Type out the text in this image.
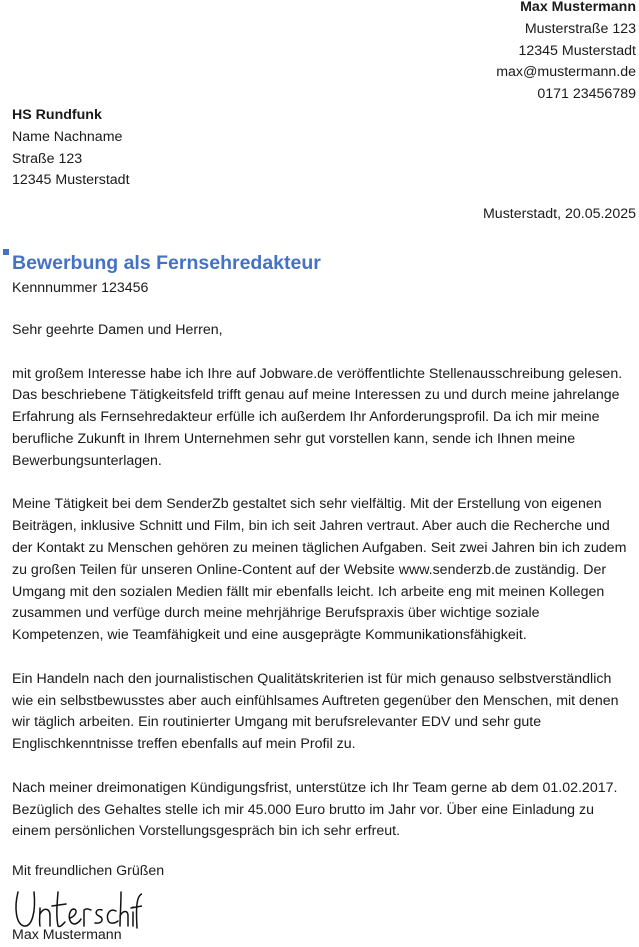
Max Mustermann
Musterstraße 123
12345 Musterstadt
max@mustermann.de
0171 23456789
HS Rundfunk
Name Nachname
Straße 123
12345 Musterstadt
Musterstadt, 20.05.2025
Bewerbung als Fernsehredakteur
Kennnummer 123456

Sehr geehrte Damen und Herren,

mit großem Interesse habe ich Ihre auf Jobware.de veröffentlichte Stellenausschreibung gelesen. Das beschriebene Tätigkeitsfeld trifft genau auf meine Interessen zu und durch meine jahrelange Erfahrung als Fernsehredakteur erfülle ich außerdem Ihr Anforderungsprofil. Da ich mir meine berufliche Zukunft in Ihrem Unternehmen sehr gut vorstellen kann, sende ich Ihnen meine Bewerbungsunterlagen.

Meine Tätigkeit bei dem SenderZb gestaltet sich sehr vielfältig. Mit der Erstellung von eigenen Beiträgen, inklusive Schnitt und Film, bin ich seit Jahren vertraut. Aber auch die Recherche und der Kontakt zu Menschen gehören zu meinen täglichen Aufgaben. Seit zwei Jahren bin ich zudem zu großen Teilen für unseren Online-Content auf der Website www.senderzb.de zuständig. Der Umgang mit den sozialen Medien fällt mir ebenfalls leicht. Ich arbeite eng mit meinen Kollegen zusammen und verfüge durch meine mehrjährige Berufspraxis über wichtige soziale Kompetenzen, wie Teamfähigkeit und eine ausgeprägte Kommunikationsfähigkeit.

Ein Handeln nach den journalistischen Qualitätskriterien ist für mich genauso selbstverständlich wie ein selbstbewusstes aber auch einfühlsames Auftreten gegenüber den Menschen, mit denen wir täglich arbeiten. Ein routinierter Umgang mit berufsrelevanter EDV und sehr gute Englischkenntnisse treffen ebenfalls auf mein Profil zu.

Nach meiner dreimonatigen Kündigungsfrist, unterstütze ich Ihr Team gerne ab dem 01.02.2017. Bezüglich des Gehaltes stelle ich mir 45.000 Euro brutto im Jahr vor. Über eine Einladung zu einem persönlichen Vorstellungsgespräch bin ich sehr erfreut.

Mit freundlichen Grüßen
Max Mustermann
